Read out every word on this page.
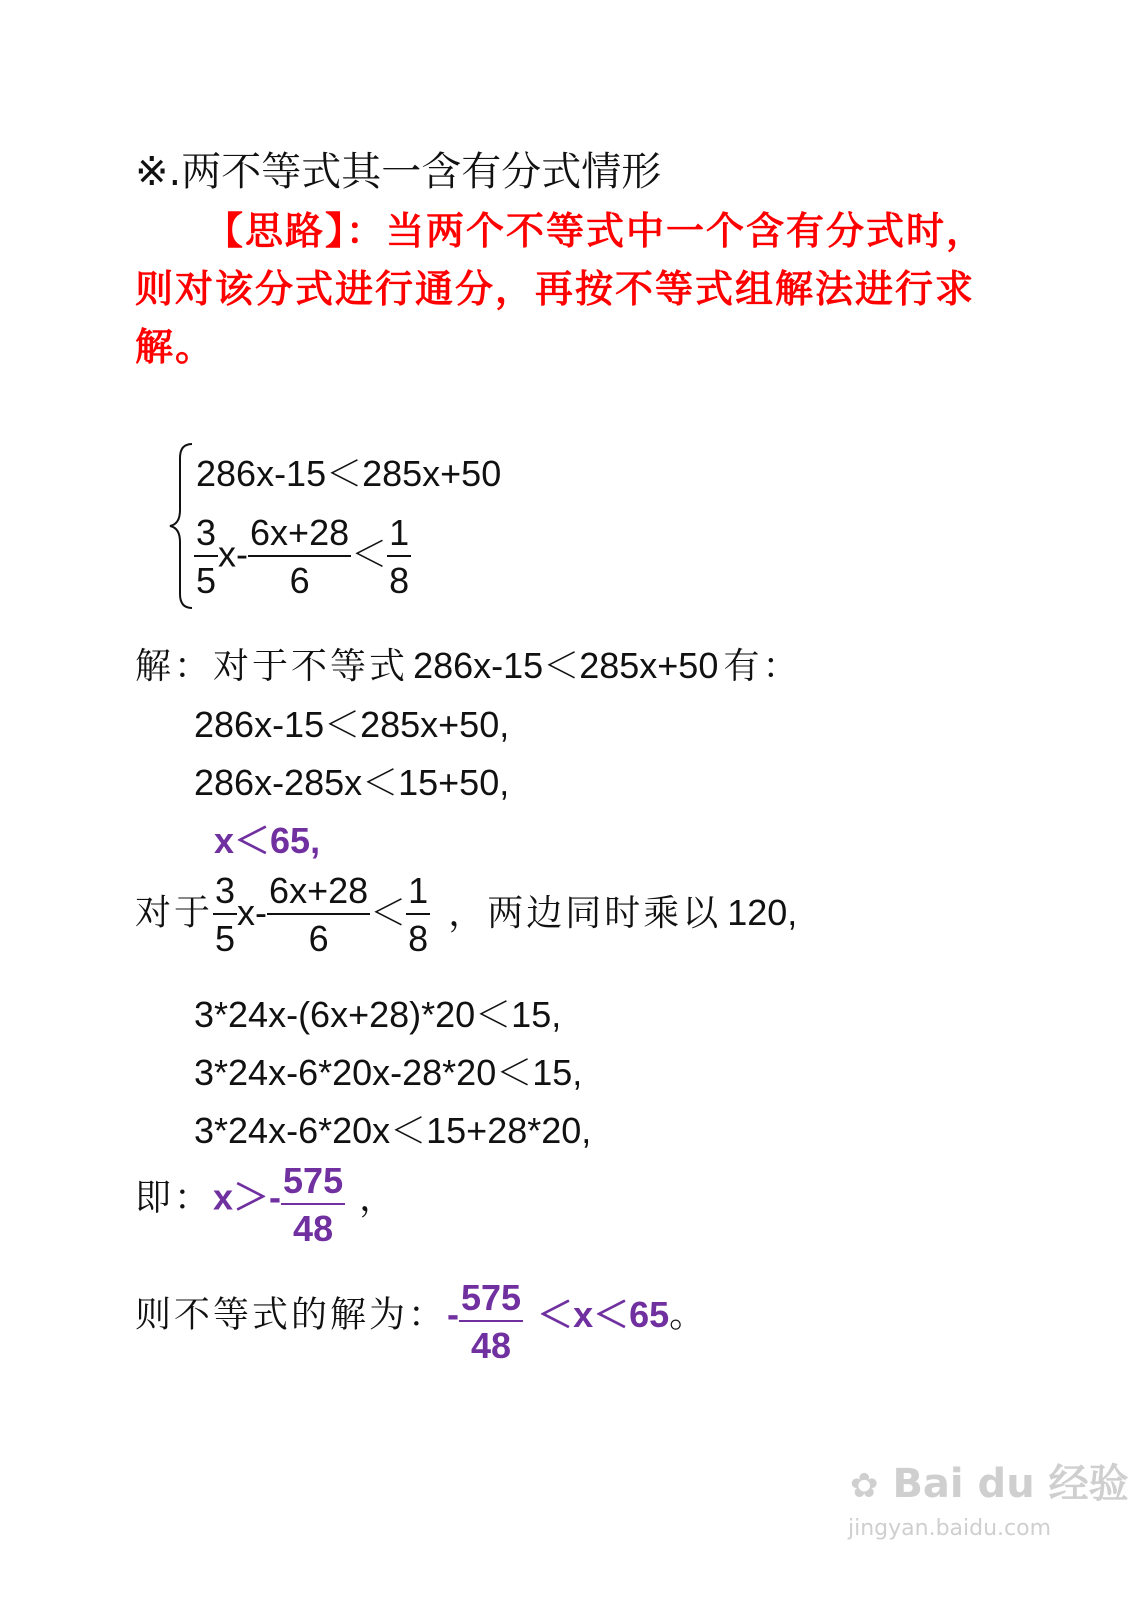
※.两不等式其一含有分式情形
【思路】：当两个不等式中一个含有分式时，
则对该分式进行通分，再按不等式组解法进行求
解。
286x-15＜285x+50
$\frac{3}{5} x- \frac{6x+28}{6} < \frac{1}{8}$
解：对于不等式 286x-15＜285x+50 有：
286x-15＜285x+50,
286x-285x＜15+50,
x＜65,
对于 $\frac{3}{5} x- \frac{6x+28}{6} < \frac{1}{8}$ ，两边同时乘以 120,
3*24x-(6x+28)*20＜15,
3*24x-6*20x-28*20＜15,
3*24x-6*20x＜15+28*20,
即：$x>- \frac{575}{48}$ ，
则不等式的解为：- $\frac{575}{48} <x<65$。
✿ Bai du 经验
jingyan.baidu.com
